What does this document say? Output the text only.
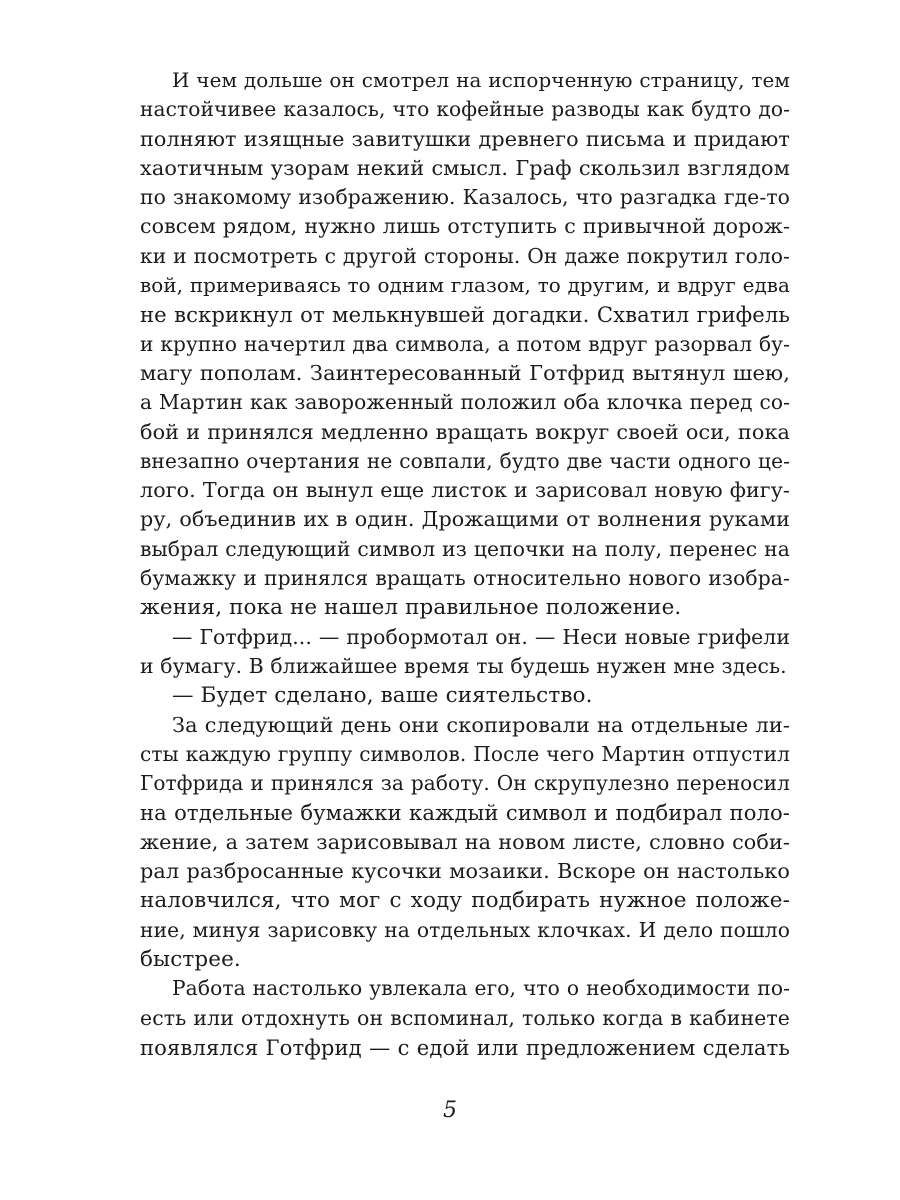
И чем дольше он смотрел на испорченную страницу, тем
настойчивее казалось, что кофейные разводы как будто до-
полняют изящные завитушки древнего письма и придают
хаотичным узорам некий смысл. Граф скользил взглядом
по знакомому изображению. Казалось, что разгадка где-то
совсем рядом, нужно лишь отступить с привычной дорож-
ки и посмотреть с другой стороны. Он даже покрутил голо-
вой, примериваясь то одним глазом, то другим, и вдруг едва
не вскрикнул от мелькнувшей догадки. Схватил грифель
и крупно начертил два символа, а потом вдруг разорвал бу-
магу пополам. Заинтересованный Готфрид вытянул шею,
а Мартин как завороженный положил оба клочка перед со-
бой и принялся медленно вращать вокруг своей оси, пока
внезапно очертания не совпали, будто две части одного це-
лого. Тогда он вынул еще листок и зарисовал новую фигу-
ру, объединив их в один. Дрожащими от волнения руками
выбрал следующий символ из цепочки на полу, перенес на
бумажку и принялся вращать относительно нового изобра-
жения, пока не нашел правильное положение.
— Готфрид... — пробормотал он. — Неси новые грифели
и бумагу. В ближайшее время ты будешь нужен мне здесь.
— Будет сделано, ваше сиятельство.
За следующий день они скопировали на отдельные ли-
сты каждую группу символов. После чего Мартин отпустил
Готфрида и принялся за работу. Он скрупулезно переносил
на отдельные бумажки каждый символ и подбирал поло-
жение, а затем зарисовывал на новом листе, словно соби-
рал разбросанные кусочки мозаики. Вскоре он настолько
наловчился, что мог с ходу подбирать нужное положе-
ние, минуя зарисовку на отдельных клочках. И дело пошло
быстрее.
Работа настолько увлекала его, что о необходимости по-
есть или отдохнуть он вспоминал, только когда в кабинете
появлялся Готфрид — с едой или предложением сделать
5
